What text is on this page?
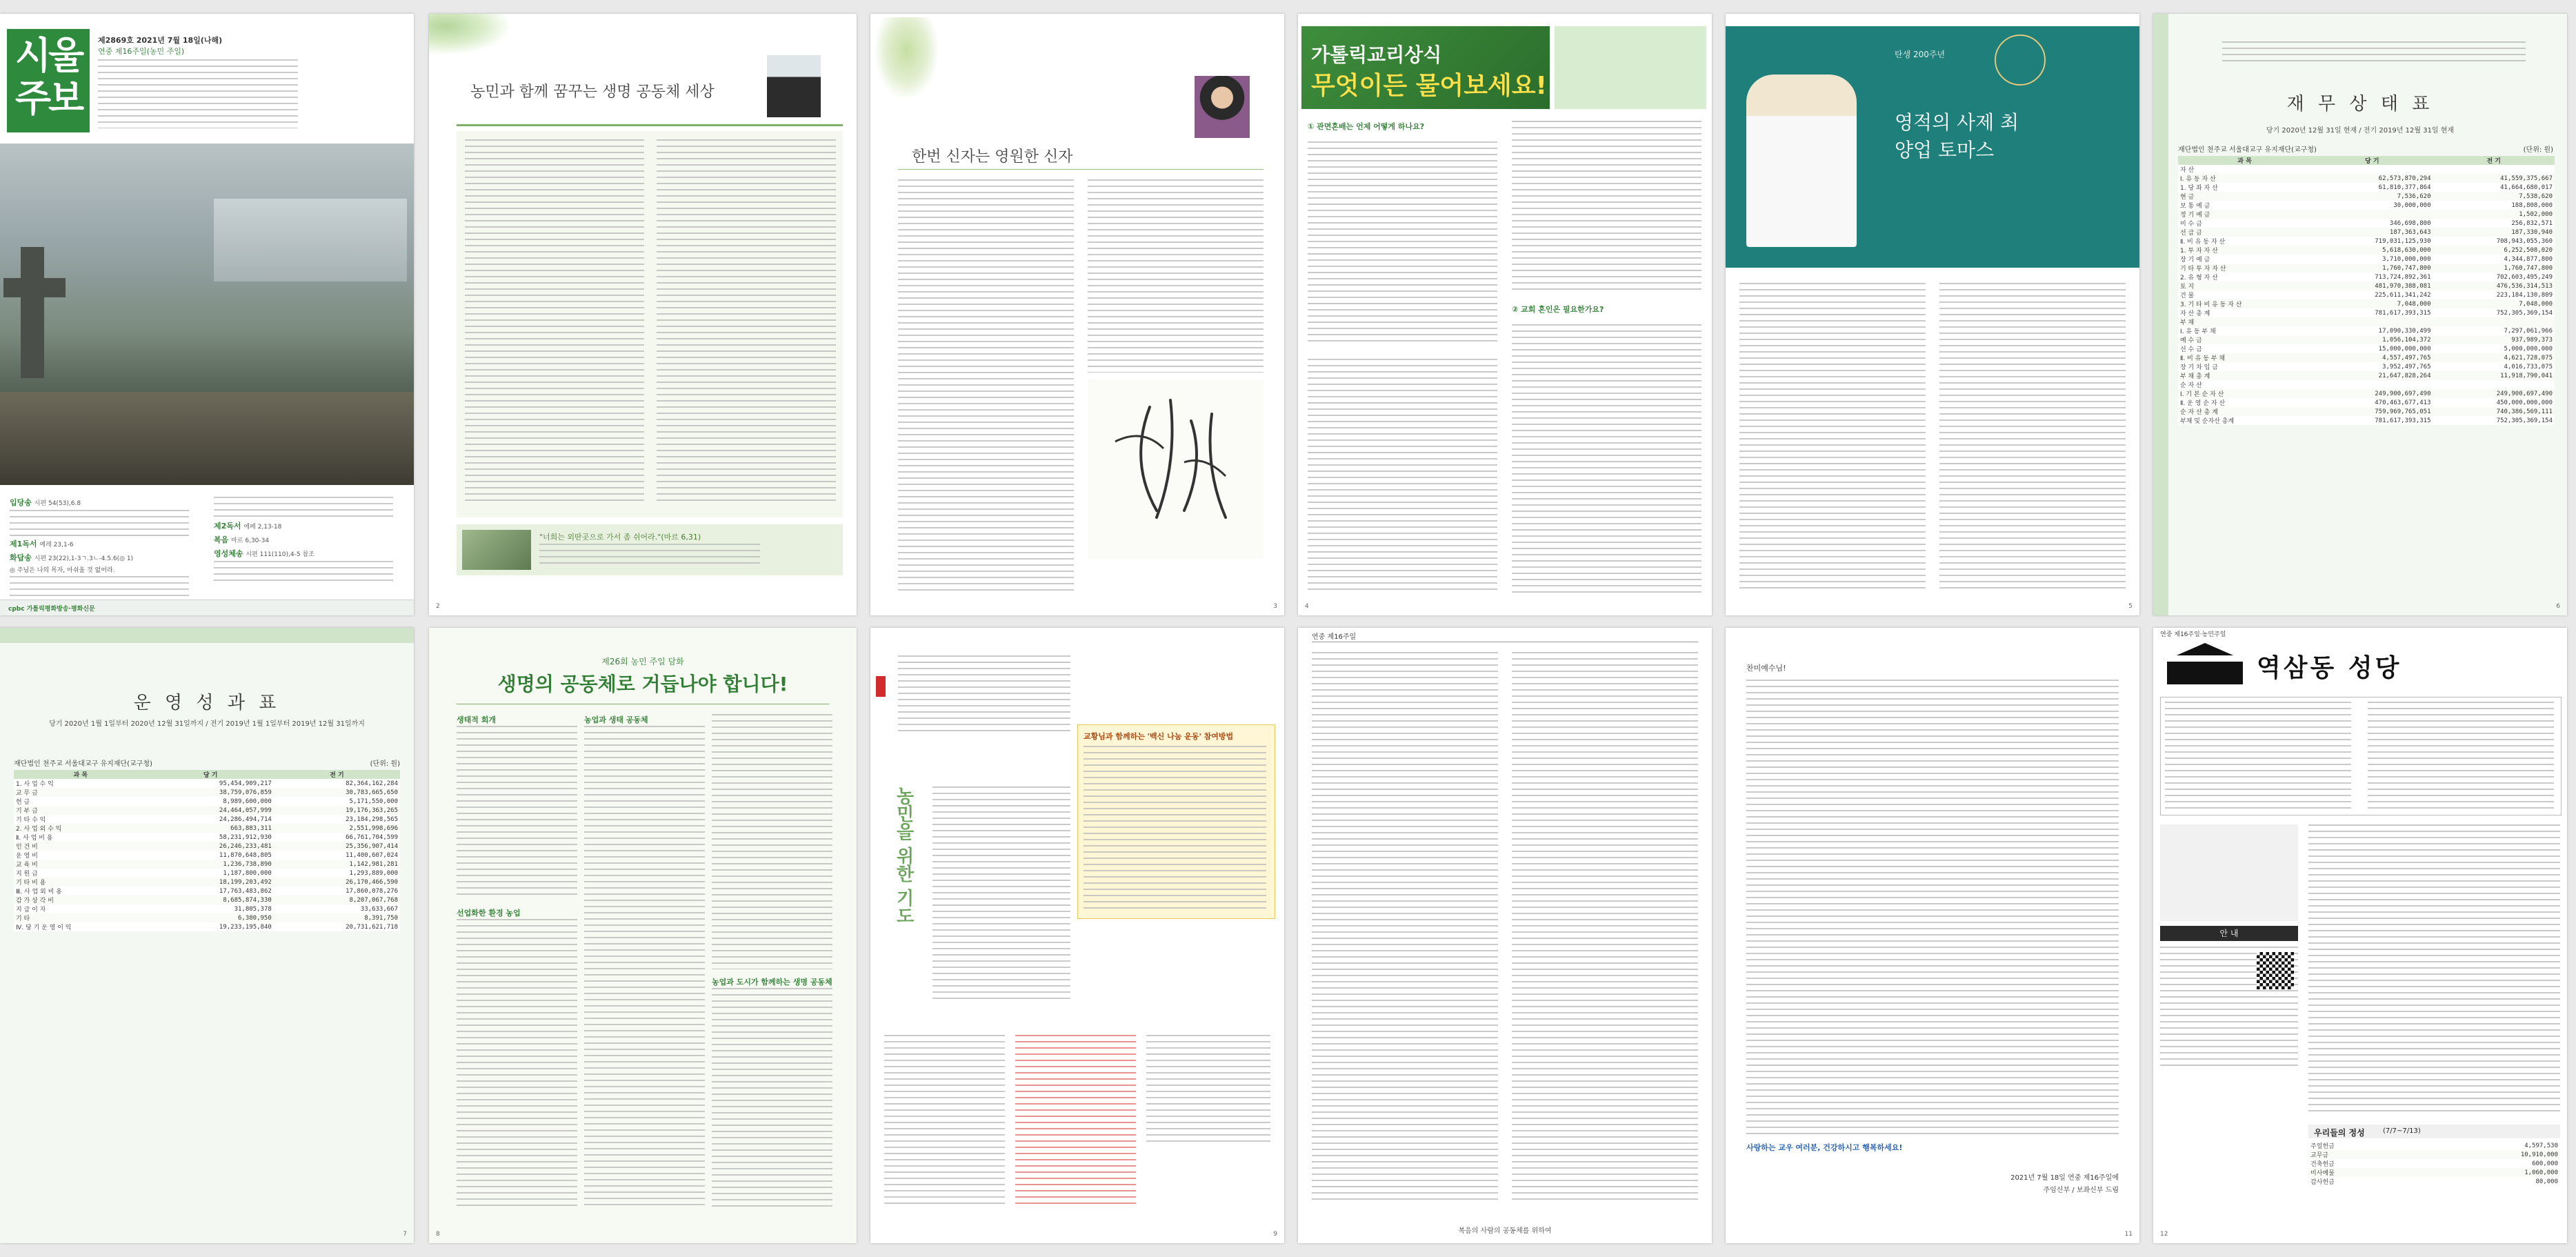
시울
주보
제2869호 2021년 7월 18일(나해)
연중 제16주일(농민 주일)
입당송 시편 54(53),6.8
제1독서 예레 23,1-6
화답송 시편 23(22),1-3ㄱ.3ㄴ-4.5.6(◎ 1)
◎ 주님은 나의 목자, 아쉬울 것 없어라.
제2독서 에페 2,13-18
복음 마르 6,30-34
영성체송 시편 111(110),4-5 참조
cpbc 가톨릭평화방송·평화신문
농민과 함께 꿈꾸는 생명 공동체 세상
"너희는 외딴곳으로 가서 좀 쉬어라."(마르 6,31)
2
한번 신자는 영원한 신자
3
가톨릭교리상식
무엇이든 물어보세요!
① 관면혼배는 언제 어떻게 하나요?
② 교회 혼인은 필요한가요?
4
탄생 200주년
영적의 사제 최양업 토마스
5
재 무 상 태 표
당기 2020년 12월 31일 현재 / 전기 2019년 12월 31일 현재
재단법인 천주교 서울대교구 유지재단(교구청)	(단위: 원)
과 목	당 기	전 기
자 산		
Ⅰ. 유 동 자 산	62,573,870,294	41,559,375,667
1. 당 좌 자 산	61,810,377,864	41,664,680,017
현 금	7,536,620	7,538,620
보 통 예 금	30,000,000	188,808,000
정 기 예 금		1,502,000
미 수 금	346,698,800	256,832,571
선 급 금	187,363,643	187,330,940
Ⅱ. 비 유 동 자 산	719,031,125,930	708,943,055,360
1. 투 자 자 산	5,618,630,000	6,252,508,020
장 기 예 금	3,710,000,000	4,344,877,800
기 타 투 자 자 산	1,760,747,800	1,760,747,800
2. 유 형 자 산	713,724,892,361	702,603,495,249
토 지	481,970,388,081	476,536,314,513
건 물	225,611,341,242	223,184,130,809
3. 기 타 비 유 동 자 산	7,048,000	7,048,000
자 산 총 계	781,617,393,315	752,305,369,154
부 채		
Ⅰ. 유 동 부 채	17,090,330,499	7,297,061,966
예 수 금	1,056,104,372	937,989,373
선 수 금	15,000,000,000	5,000,000,000
Ⅱ. 비 유 동 부 채	4,557,497,765	4,621,728,075
장 기 차 입 금	3,952,497,765	4,016,733,075
부 채 총 계	21,647,828,264	11,918,790,041
순 자 산		
Ⅰ. 기 본 순 자 산	249,900,697,490	249,900,697,490
Ⅱ. 운 영 순 자 산	470,463,677,413	450,000,000,000
순 자 산 총 계	759,969,765,051	740,386,569,111
부채 및 순자산 총계	781,617,393,315	752,305,369,154
6
운 영 성 과 표
당기 2020년 1월 1일부터 2020년 12월 31일까지 / 전기 2019년 1월 1일부터 2019년 12월 31일까지
재단법인 천주교 서울대교구 유지재단(교구청)	(단위: 원)
과 목	당 기	전 기
1. 사 업 수 익	95,454,909,217	82,364,162,284
교 무 금	38,759,076,859	30,783,665,650
헌 금	8,989,600,000	5,171,550,000
기 부 금	24,464,057,999	19,176,363,265
기 타 수 익	24,286,494,714	23,184,298,565
2. 사 업 외 수 익	663,883,311	2,551,998,696
Ⅱ. 사 업 비 용	58,231,912,930	66,761,704,599
인 건 비	26,246,233,481	25,356,907,414
운 영 비	11,870,648,805	11,400,607,024
교 육 비	1,236,738,890	1,142,981,281
지 원 금	1,187,800,000	1,293,889,000
기 타 비 용	18,199,203,492	26,170,466,590
Ⅲ. 사 업 외 비 용	17,763,483,862	17,860,078,276
감 가 상 각 비	8,685,874,330	8,207,067,768
지 급 이 자	31,805,378	33,633,667
기 타	6,380,950	8,391,750
Ⅳ. 당 기 운 영 이 익	19,233,195,840	20,731,621,718
7
제26회 농민 주일 담화
생명의 공동체로 거듭나야 합니다!
생태적 회개
선업화한 환경 농업
농업과 생태 공동체
농업과 도시가 함께하는 생명 공동체
8
농민을 위한 기도
교황님과 함께하는 '백신 나눔 운동' 참여방법
9
연중 제16주일
복음의 사람의 공동체를 위하여
찬미예수님!
사랑하는 교우 여러분, 건강하시고 행복하세요!
2021년 7월 18일 연중 제16주일에
주임신부 / 보좌신부 드림
11
연중 제16주일·농민주일
역삼동 성당
안 내
우리들의 정성	(7/7~7/13)
주일헌금	4,597,530
교무금	10,910,000
건축헌금	600,000
미사예물	1,060,000
감사헌금	80,000
12
